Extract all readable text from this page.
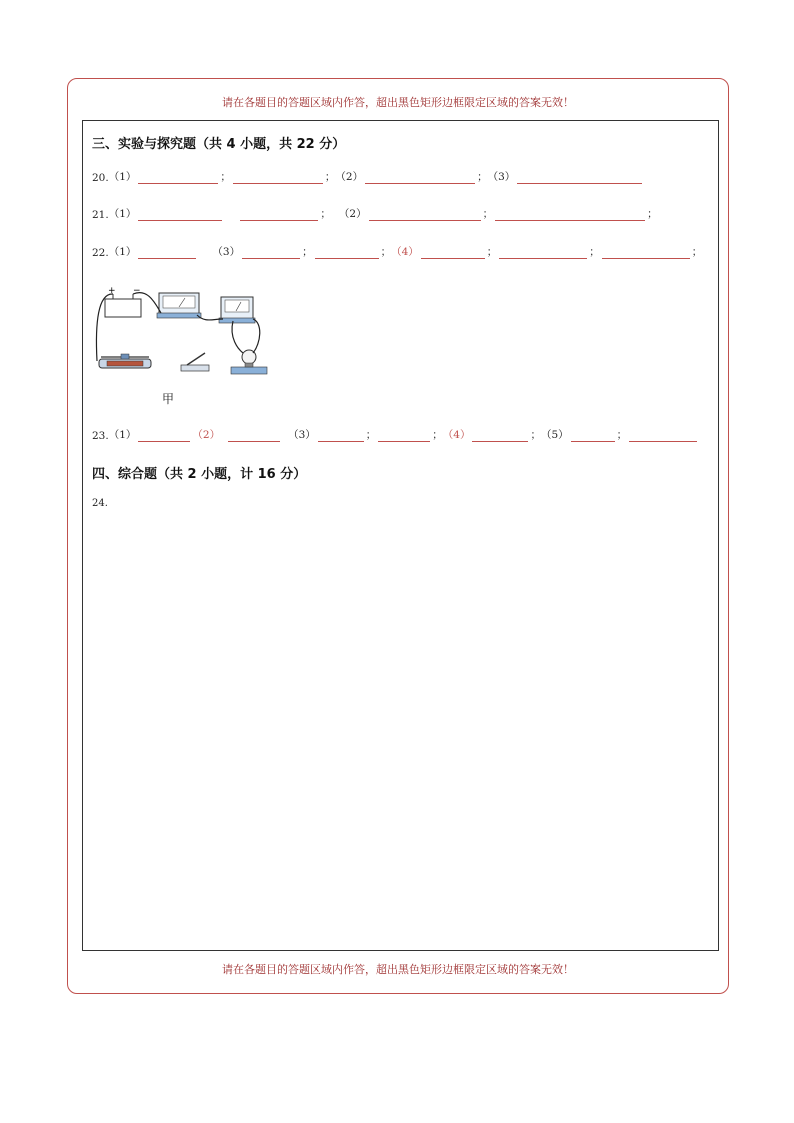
请在各题目的答题区域内作答，超出黑色矩形边框限定区域的答案无效！
请在各题目的答题区域内作答，超出黑色矩形边框限定区域的答案无效！
三、实验与探究题（共 4 小题，共 22 分）
20. （1）	；	； （2）	； （3）
21. （1）	； （2）	；	；
22. （1）	（3）	；	； （4）	；	；	；
+ −
甲
23. （1）	（2）	（3）	；	； （4）	； （5）	；
四、综合题（共 2 小题，计 16 分）
24.
